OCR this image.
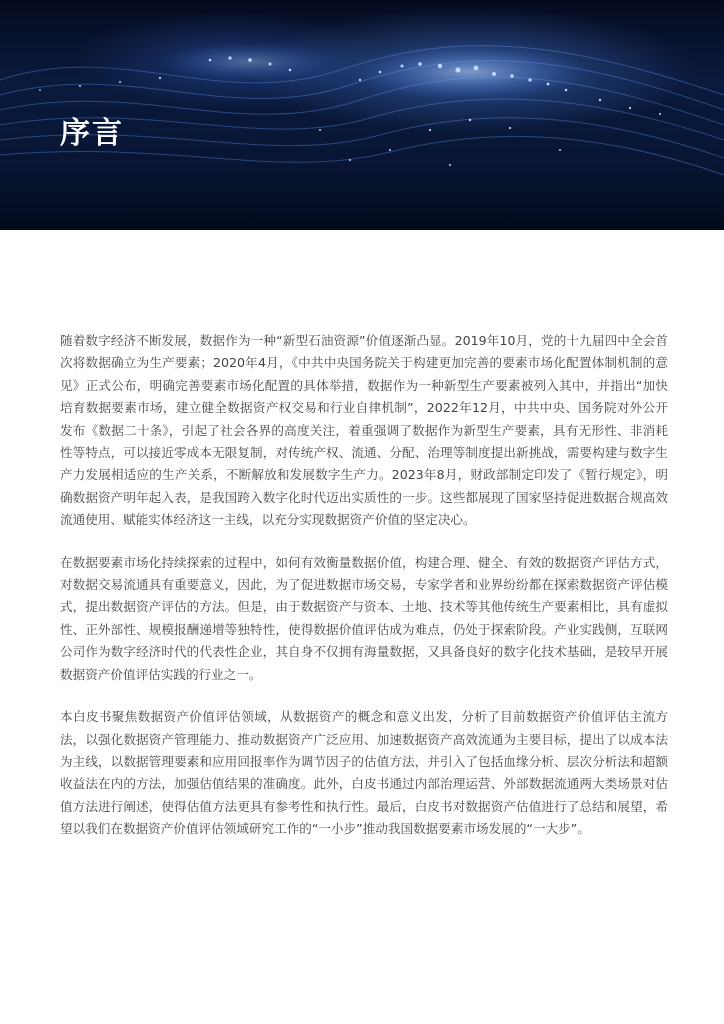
序言

随着数字经济不断发展，数据作为一种“新型石油资源”价值逐渐凸显。2019年10月，党的十九届四中全会首次将数据确立为生产要素；2020年4月，《中共中央国务院关于构建更加完善的要素市场化配置体制机制的意见》正式公布，明确完善要素市场化配置的具体举措，数据作为一种新型生产要素被列入其中，并指出“加快培育数据要素市场，建立健全数据资产权交易和行业自律机制”，2022年12月，中共中央、国务院对外公开发布《数据二十条》，引起了社会各界的高度关注，着重强调了数据作为新型生产要素，具有无形性、非消耗性等特点，可以接近零成本无限复制，对传统产权、流通、分配、治理等制度提出新挑战，需要构建与数字生产力发展相适应的生产关系，不断解放和发展数字生产力。2023年8月，财政部制定印发了《暂行规定》，明确数据资产明年起入表，是我国跨入数字化时代迈出实质性的一步。这些都展现了国家坚持促进数据合规高效流通使用、赋能实体经济这一主线，以充分实现数据资产价值的坚定决心。

在数据要素市场化持续探索的过程中，如何有效衡量数据价值，构建合理、健全、有效的数据资产评估方式，对数据交易流通具有重要意义，因此，为了促进数据市场交易，专家学者和业界纷纷都在探索数据资产评估模式，提出数据资产评估的方法。但是，由于数据资产与资本、土地、技术等其他传统生产要素相比，具有虚拟性、正外部性、规模报酬递增等独特性，使得数据价值评估成为难点，仍处于探索阶段。产业实践侧，互联网公司作为数字经济时代的代表性企业，其自身不仅拥有海量数据，又具备良好的数字化技术基础，是较早开展数据资产价值评估实践的行业之一。

本白皮书聚焦数据资产价值评估领域，从数据资产的概念和意义出发，分析了目前数据资产价值评估主流方法，以强化数据资产管理能力、推动数据资产广泛应用、加速数据资产高效流通为主要目标，提出了以成本法为主线，以数据管理要素和应用回报率作为调节因子的估值方法，并引入了包括血缘分析、层次分析法和超额收益法在内的方法，加强估值结果的准确度。此外，白皮书通过内部治理运营、外部数据流通两大类场景对估值方法进行阐述，使得估值方法更具有参考性和执行性。最后，白皮书对数据资产估值进行了总结和展望，希望以我们在数据资产价值评估领域研究工作的“一小步”推动我国数据要素市场发展的“一大步”。
